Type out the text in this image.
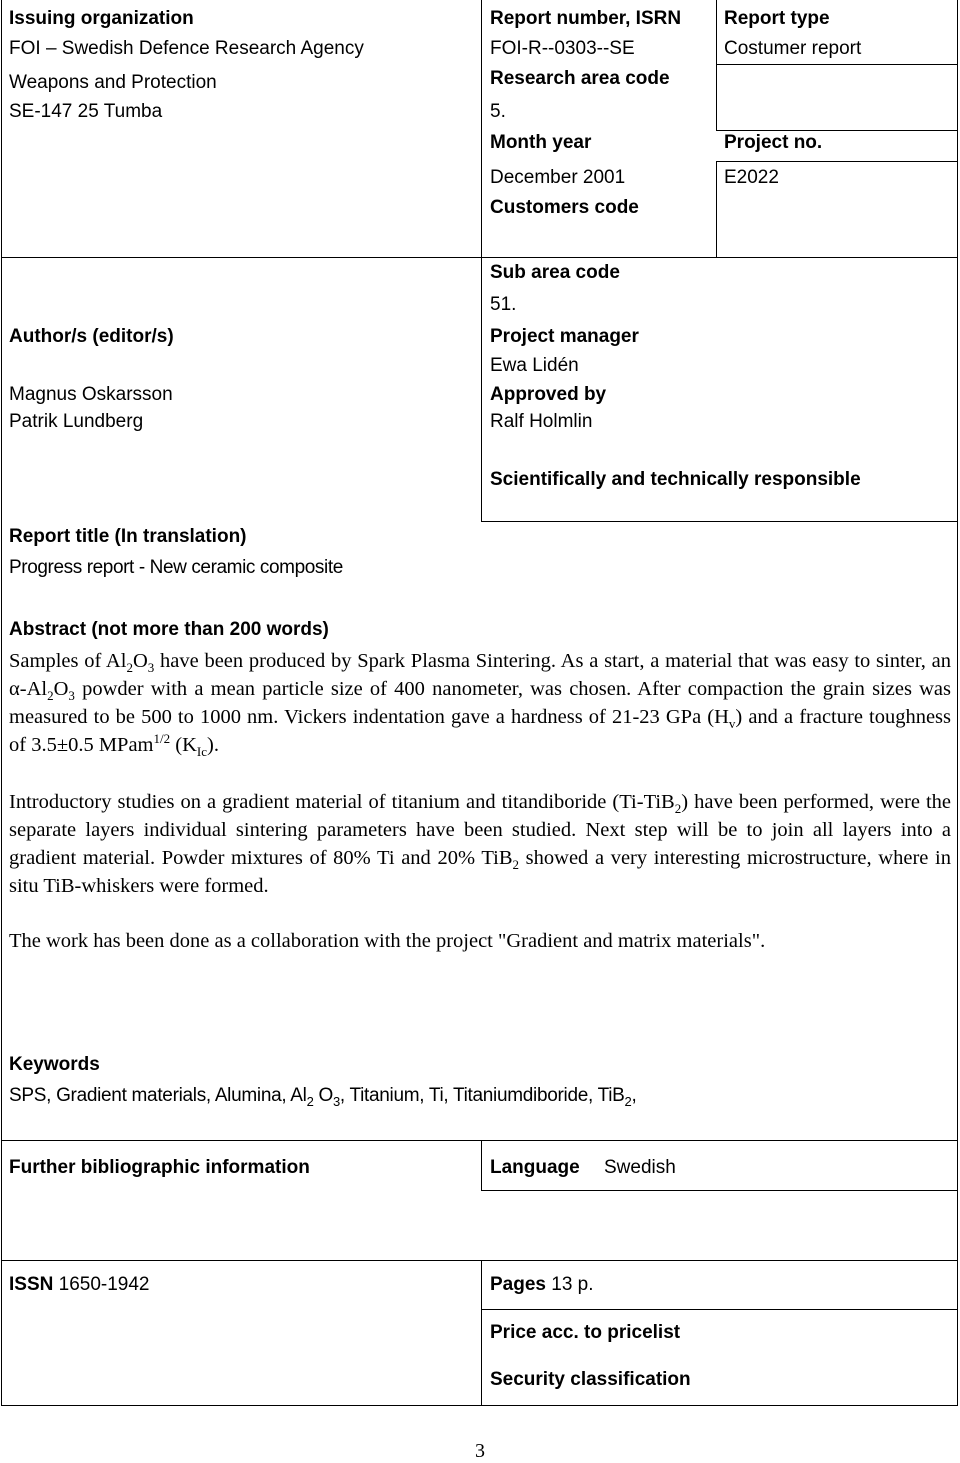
Issuing organization
FOI – Swedish Defence Research Agency
Weapons and Protection
SE-147 25 Tumba
Report number, ISRN
FOI-R--0303--SE
Report type
Costumer report
Research area code
5.
Month year
December 2001
Project no.
E2022
Customers code
Sub area code
51.
Author/s (editor/s)
Magnus Oskarsson
Patrik Lundberg
Project manager
Ewa Lidén
Approved by
Ralf Holmlin
Scientifically and technically responsible
Report title (In translation)
Progress report - New ceramic composite
Abstract (not more than 200 words)
Samples of $Al_2O_3$ have been produced by Spark Plasma Sintering. As a start, a material that was easy to sinter, an $\alpha-Al_2O_3$ powder with a mean particle size of 400 nanometer, was chosen. After compaction the grain sizes was measured to be 500 to 1000 nm. Vickers indentation gave a hardness of 21-23 GPa $(H_v)$ and a fracture toughness of 3.5±0.5 MPam$^{1/2}$ $(K_{Ic})$.
Introductory studies on a gradient material of titanium and titandiboride (Ti-TiB$_2$) have been performed, were the separate layers individual sintering parameters have been studied. Next step will be to join all layers into a gradient material. Powder mixtures of 80% Ti and 20% TiB$_2$ showed a very interesting microstructure, where in situ TiB-whiskers were formed.
The work has been done as a collaboration with the project "Gradient and matrix materials".
Keywords
SPS, Gradient materials, Alumina, $Al_2$ $O_3$, Titanium, Ti, Titaniumdiboride, TiB$_2$,
Further bibliographic information	Language Swedish
ISSN 1650-1942	Pages 13 p.
Price acc. to pricelist
Security classification
3
